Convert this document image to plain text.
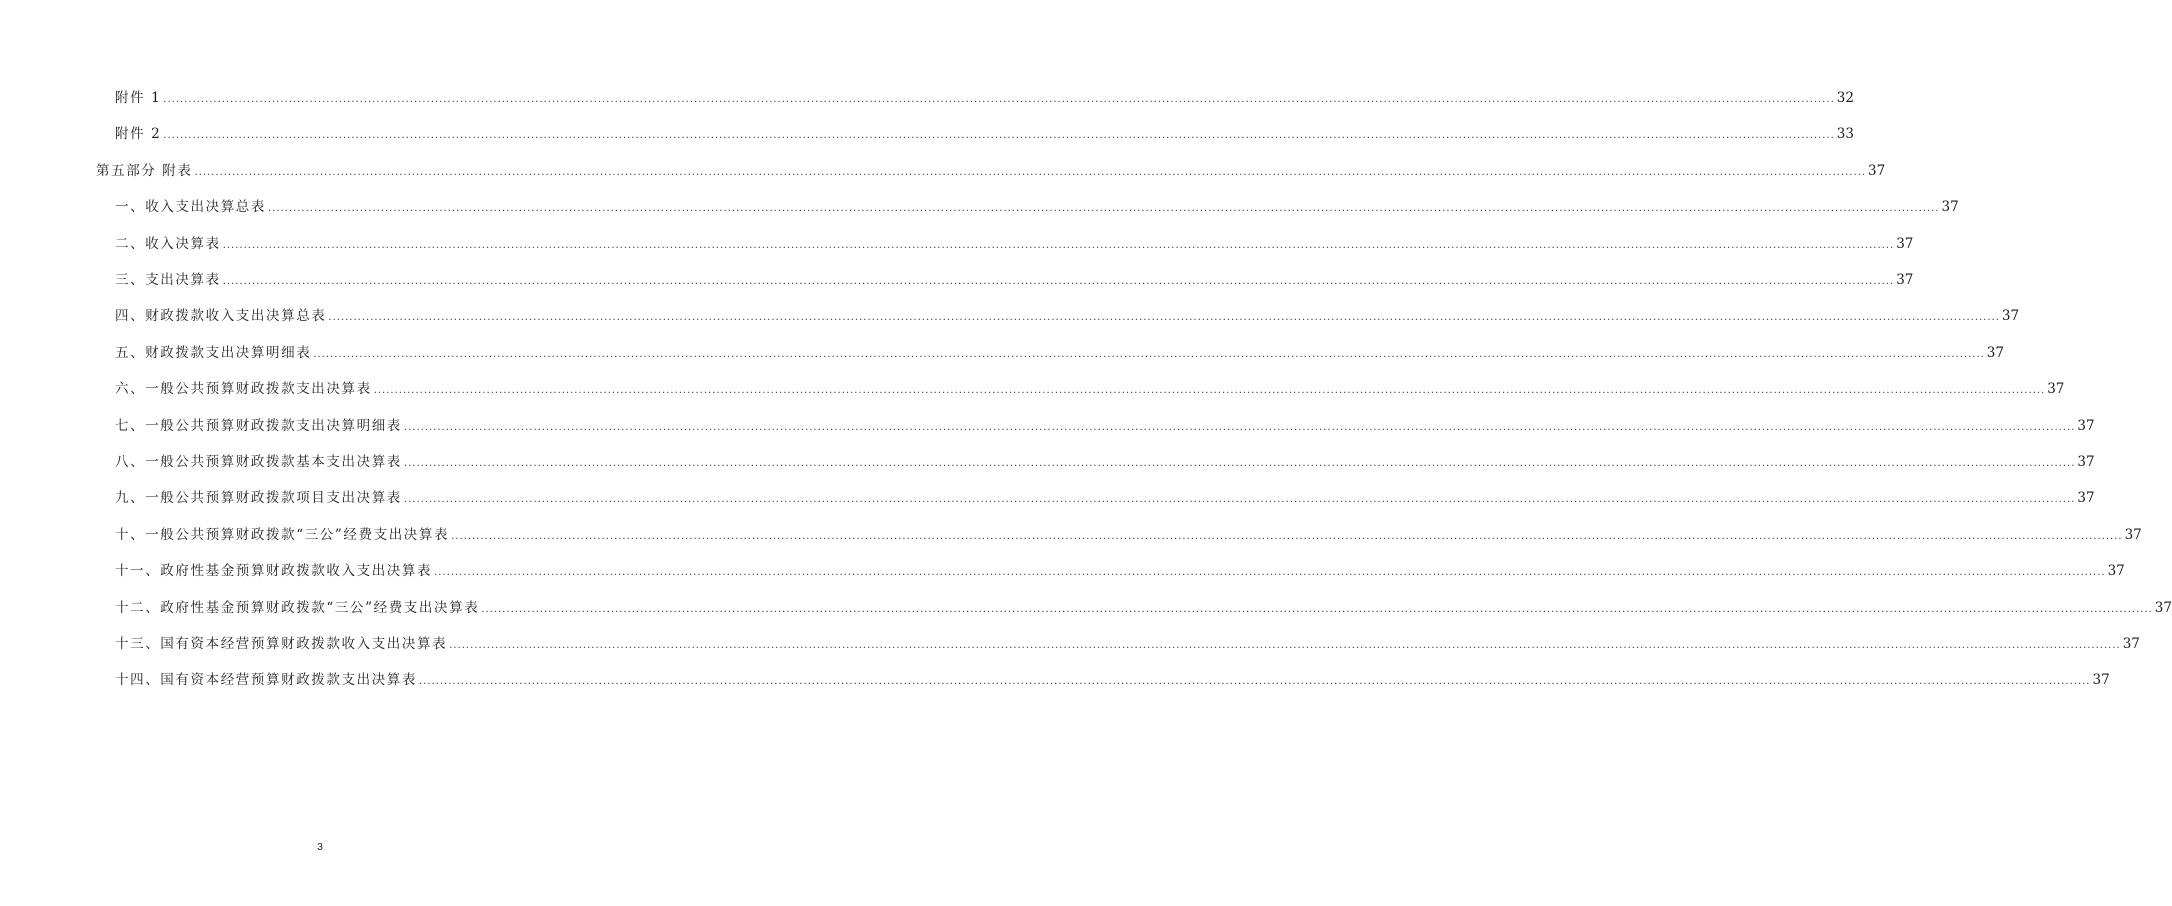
附件 1 ................................................................................................................................................................................................................................................................................................................................................................................................................ 32
附件 2 ................................................................................................................................................................................................................................................................................................................................................................................................................ 33
第五部分 附表 ................................................................................................................................................................................................................................................................................................................................................................................................................ 37
一、收入支出决算总表 ................................................................................................................................................................................................................................................................................................................................................................................................................ 37
二、收入决算表 ................................................................................................................................................................................................................................................................................................................................................................................................................ 37
三、支出决算表 ................................................................................................................................................................................................................................................................................................................................................................................................................ 37
四、财政拨款收入支出决算总表 ................................................................................................................................................................................................................................................................................................................................................................................................................ 37
五、财政拨款支出决算明细表 ................................................................................................................................................................................................................................................................................................................................................................................................................ 37
六、一般公共预算财政拨款支出决算表 ................................................................................................................................................................................................................................................................................................................................................................................................................ 37
七、一般公共预算财政拨款支出决算明细表 ................................................................................................................................................................................................................................................................................................................................................................................................................ 37
八、一般公共预算财政拨款基本支出决算表 ................................................................................................................................................................................................................................................................................................................................................................................................................ 37
九、一般公共预算财政拨款项目支出决算表 ................................................................................................................................................................................................................................................................................................................................................................................................................ 37
十、一般公共预算财政拨款“三公”经费支出决算表 ................................................................................................................................................................................................................................................................................................................................................................................................................ 37
十一、政府性基金预算财政拨款收入支出决算表 ................................................................................................................................................................................................................................................................................................................................................................................................................ 37
十二、政府性基金预算财政拨款“三公”经费支出决算表 ................................................................................................................................................................................................................................................................................................................................................................................................................ 37
十三、国有资本经营预算财政拨款收入支出决算表 ................................................................................................................................................................................................................................................................................................................................................................................................................ 37
十四、国有资本经营预算财政拨款支出决算表 ................................................................................................................................................................................................................................................................................................................................................................................................................ 37
3
